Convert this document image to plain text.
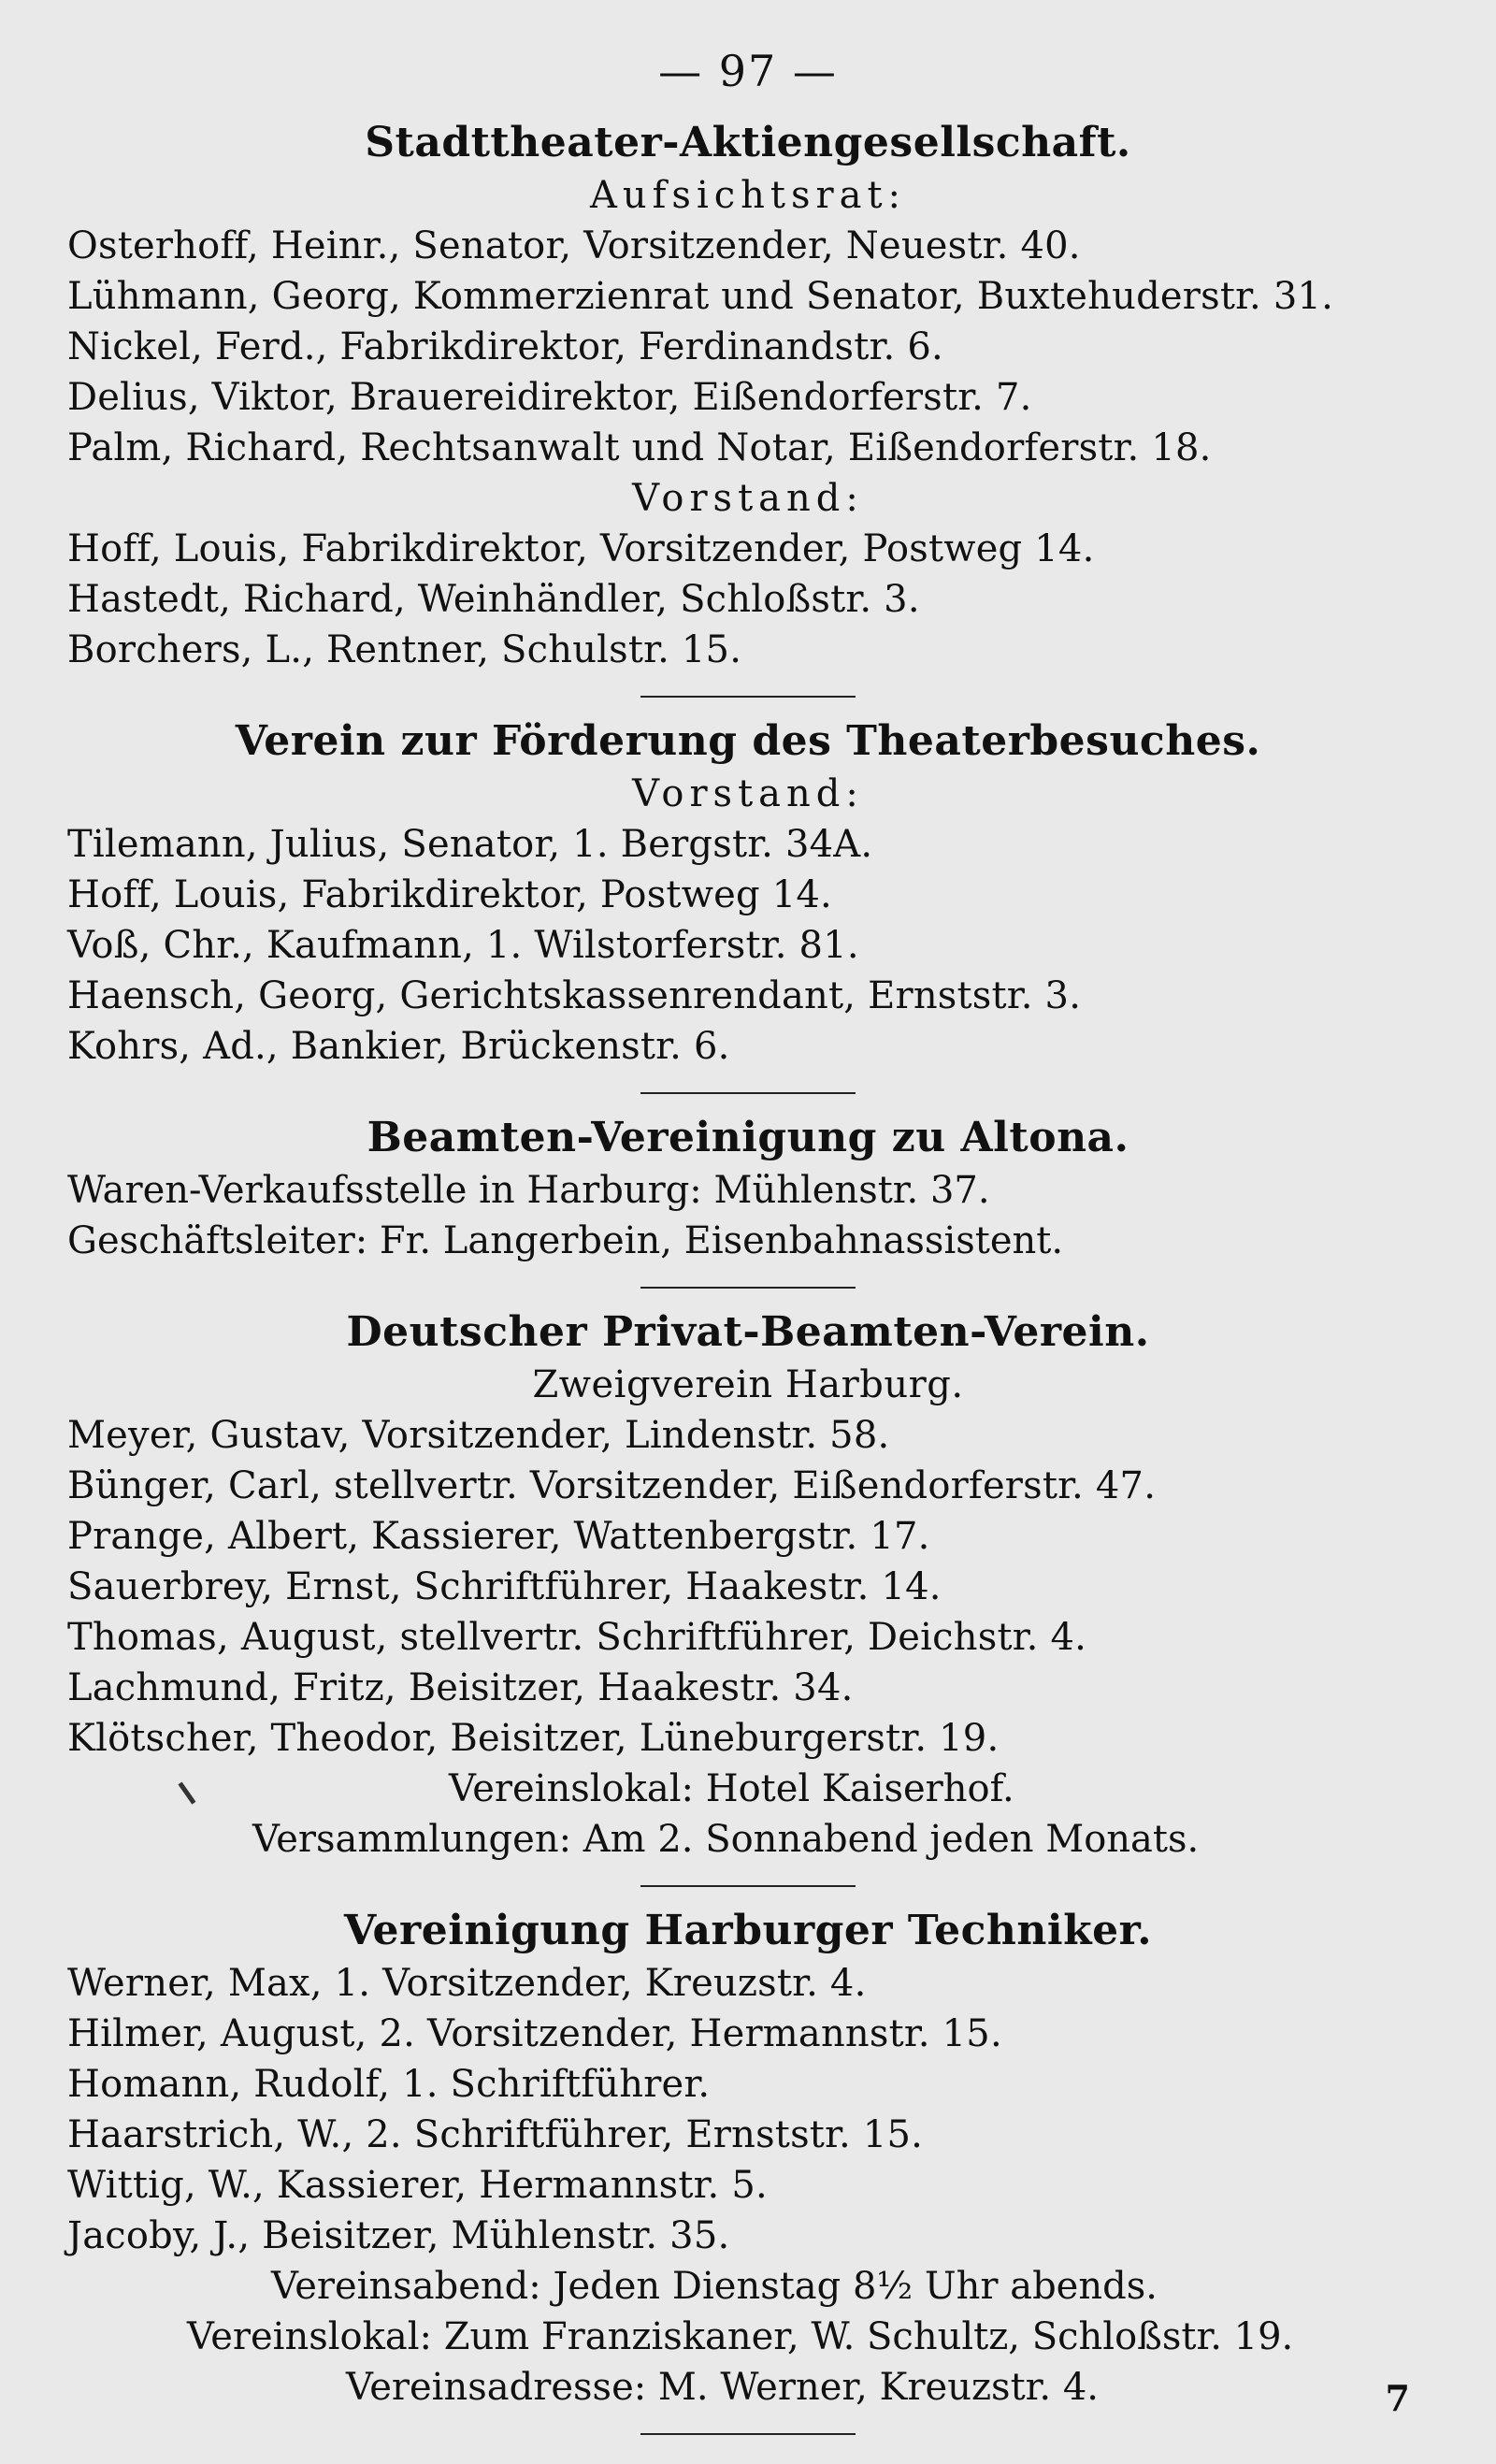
— 97 —
Stadttheater-Aktiengesellschaft.
Aufsichtsrat:
Osterhoff, Heinr., Senator, Vorsitzender, Neuestr. 40.
Lühmann, Georg, Kommerzienrat und Senator, Buxtehuderstr. 31.
Nickel, Ferd., Fabrikdirektor, Ferdinandstr. 6.
Delius, Viktor, Brauereidirektor, Eißendorferstr. 7.
Palm, Richard, Rechtsanwalt und Notar, Eißendorferstr. 18.
Vorstand:
Hoff, Louis, Fabrikdirektor, Vorsitzender, Postweg 14.
Hastedt, Richard, Weinhändler, Schloßstr. 3.
Borchers, L., Rentner, Schulstr. 15.
Verein zur Förderung des Theaterbesuches.
Vorstand:
Tilemann, Julius, Senator, 1. Bergstr. 34A.
Hoff, Louis, Fabrikdirektor, Postweg 14.
Voß, Chr., Kaufmann, 1. Wilstorferstr. 81.
Haensch, Georg, Gerichtskassenrendant, Ernststr. 3.
Kohrs, Ad., Bankier, Brückenstr. 6.
Beamten-Vereinigung zu Altona.
Waren-Verkaufsstelle in Harburg: Mühlenstr. 37.
Geschäftsleiter: Fr. Langerbein, Eisenbahnassistent.
Deutscher Privat-Beamten-Verein.
Zweigverein Harburg.
Meyer, Gustav, Vorsitzender, Lindenstr. 58.
Bünger, Carl, stellvertr. Vorsitzender, Eißendorferstr. 47.
Prange, Albert, Kassierer, Wattenbergstr. 17.
Sauerbrey, Ernst, Schriftführer, Haakestr. 14.
Thomas, August, stellvertr. Schriftführer, Deichstr. 4.
Lachmund, Fritz, Beisitzer, Haakestr. 34.
Klötscher, Theodor, Beisitzer, Lüneburgerstr. 19.
Vereinslokal: Hotel Kaiserhof.
Versammlungen: Am 2. Sonnabend jeden Monats.
Vereinigung Harburger Techniker.
Werner, Max, 1. Vorsitzender, Kreuzstr. 4.
Hilmer, August, 2. Vorsitzender, Hermannstr. 15.
Homann, Rudolf, 1. Schriftführer.
Haarstrich, W., 2. Schriftführer, Ernststr. 15.
Wittig, W., Kassierer, Hermannstr. 5.
Jacoby, J., Beisitzer, Mühlenstr. 35.
Vereinsabend: Jeden Dienstag 8½ Uhr abends.
Vereinslokal: Zum Franziskaner, W. Schultz, Schloßstr. 19.
Vereinsadresse: M. Werner, Kreuzstr. 4.	7
